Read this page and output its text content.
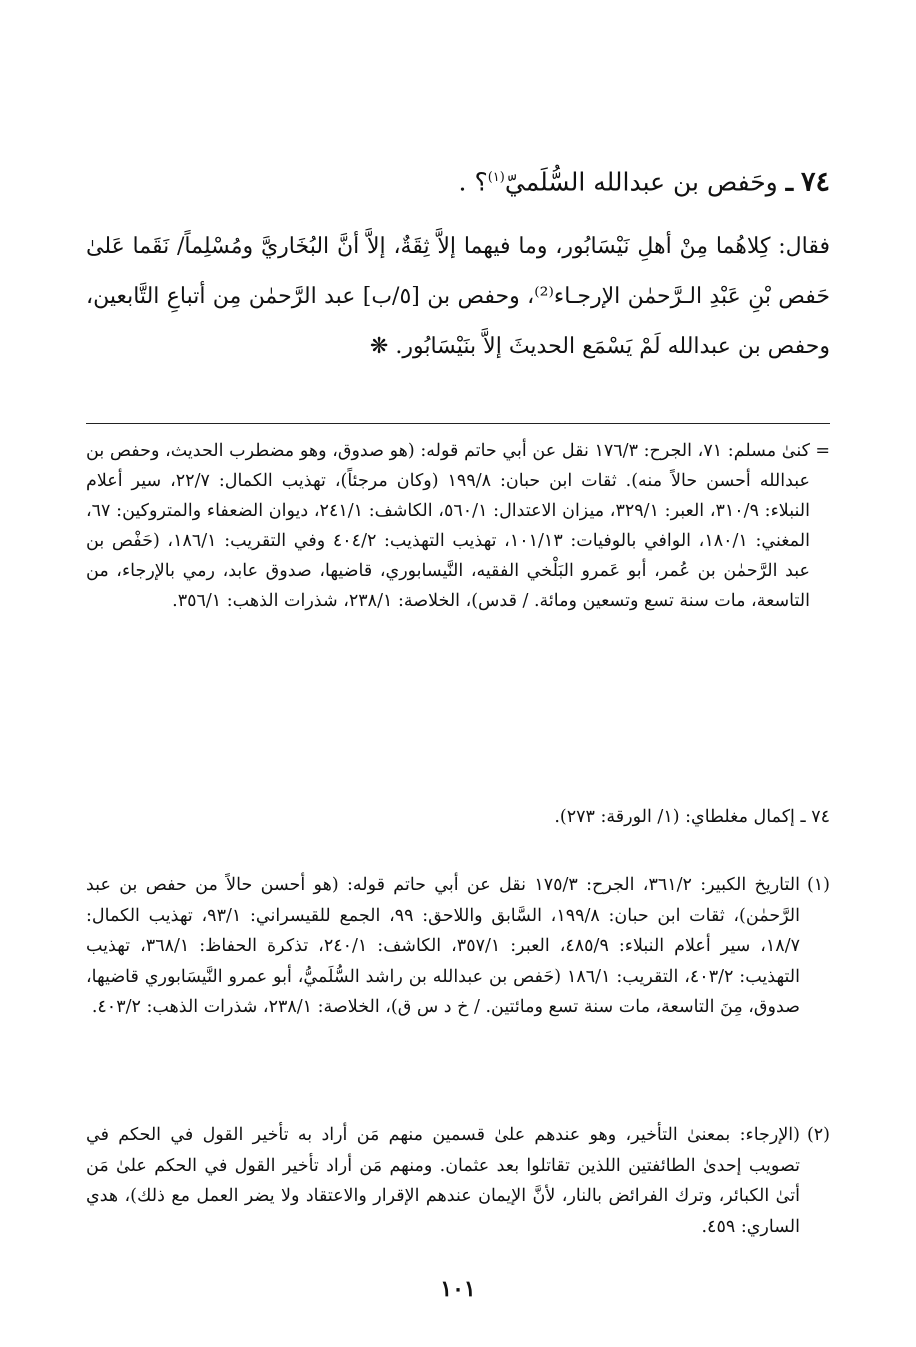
٧٤ ـ وحَفص بن عبدالله السُّلَميّ$^{(١)}$؟ .

فقال: كِلاهُما مِنْ أهلِ نَيْسَابُور، وما فيهما إلاَّ ثِقَةٌ، إلاَّ أنَّ البُخَاريَّ ومُسْلِماً/ نَقَما عَلىٰ حَفص بْنِ عَبْدِ الـرَّحمٰن الإرجـاء⁽²⁾، وحفص بن [٥/ب] عبد الرَّحمٰن مِن أتباعِ التَّابعين، وحفص بن عبدالله لَمْ يَسْمَع الحديثَ إلاَّ بنَيْسَابُور. ❋

=
كنىٰ مسلم: ٧١، الجرح: ١٧٦/٣ نقل عن أبي حاتم قوله: (هو صدوق، وهو مضطرب الحديث، وحفص بن عبدالله أحسن حالاً منه). ثقات ابن حبان: ١٩٩/٨ (وكان مرجئاً)، تهذيب الكمال: ٢٢/٧، سير أعلام النبلاء: ٣١٠/٩، العبر: ٣٢٩/١، ميزان الاعتدال: ٥٦٠/١، الكاشف: ٢٤١/١، ديوان الضعفاء والمتروكين: ٦٧، المغني: ١٨٠/١، الوافي بالوفيات: ١٠١/١٣، تهذيب التهذيب: ٤٠٤/٢ وفي التقريب: ١٨٦/١، (حَفْص بن عبد الرَّحمٰن بن عُمر، أبو عَمرو البَلْخي الفقيه، النَّيسابوري، قاضيها، صدوق عابد، رمي بالإرجاء، من التاسعة، مات سنة تسع وتسعين ومائة. / قدس)، الخلاصة: ٢٣٨/١، شذرات الذهب: ٣٥٦/١.
٧٤ ـ إكمال مغلطاي: (١/ الورقة: ٢٧٣).
(١)
التاريخ الكبير: ٣٦١/٢، الجرح: ١٧٥/٣ نقل عن أبي حاتم قوله: (هو أحسن حالاً من حفص بن عبد الرَّحمٰن)، ثقات ابن حبان: ١٩٩/٨، السَّابق واللاحق: ٩٩، الجمع للقيسراني: ٩٣/١، تهذيب الكمال: ١٨/٧، سير أعلام النبلاء: ٤٨٥/٩، العبر: ٣٥٧/١، الكاشف: ٢٤٠/١، تذكرة الحفاظ: ٣٦٨/١، تهذيب التهذيب: ٤٠٣/٢، التقريب: ١٨٦/١ (حَفص بن عبدالله بن راشد السُّلَميُّ، أبو عمرو النَّيسَابوري قاضيها، صدوق، مِنَ التاسعة، مات سنة تسع ومائتين. / خ د س ق)، الخلاصة: ٢٣٨/١، شذرات الذهب: ٤٠٣/٢.
(٢)
(الإرجاء: بمعنىٰ التأخير، وهو عندهم علىٰ قسمين منهم مَن أراد به تأخير القول في الحكم في تصويب إحدىٰ الطائفتين اللذين تقاتلوا بعد عثمان. ومنهم مَن أراد تأخير القول في الحكم علىٰ مَن أتىٰ الكبائر، وترك الفرائض بالنار، لأنَّ الإيمان عندهم الإقرار والاعتقاد ولا يضر العمل مع ذلك)، هدي الساري: ٤٥٩.
١٠١
